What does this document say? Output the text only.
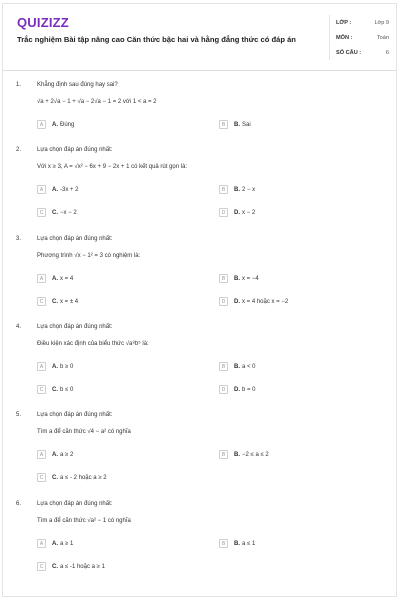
QUIZIZZ
Trắc nghiệm Bài tập nâng cao Căn thức bậc hai và hằng đẳng thức có đáp án
LỚP :	Lớp 9
MÔN :	Toán
SỐ CÂU :	6
1.	Khẳng định sau đúng hay sai?
√a + 2√a − 1 + √a − 2√a − 1 = 2 với 1 < a = 2
A	A. Đúng	B	B. Sai
2.	Lựa chọn đáp án đúng nhất:
Với x ≥ 3, A = √x² − 6x + 9 − 2x + 1 có kết quả rút gọn là:
A	A. -3x + 2	B	B. 2 − x
C	C. −x − 2	D	D. x − 2
3.	Lựa chọn đáp án đúng nhất:
Phương trình √x − 1² = 3 có nghiệm là:
A	A. x = 4	B	B. x = −4
C	C. x = ± 4	D	D. x = 4 hoặc x = −2
4.	Lựa chọn đáp án đúng nhất:
Điều kiện xác định của biểu thức √a⁸b⁵ là:
A	A. b ≥ 0	B	B. a < 0
C	C. b ≤ 0	D	D. b = 0
5.	Lựa chọn đáp án đúng nhất:
Tìm a để căn thức √4 − a² có nghĩa
A	A. a ≥ 2	B	B. −2 ≤ a ≤ 2
C	C. a ≤ - 2 hoặc a ≥ 2
6.	Lựa chọn đáp án đúng nhất:
Tìm a để căn thức √a² − 1 có nghĩa
A	A. a ≥ 1	B	B. a ≤ 1
C	C. a ≤ -1 hoặc a ≥ 1
